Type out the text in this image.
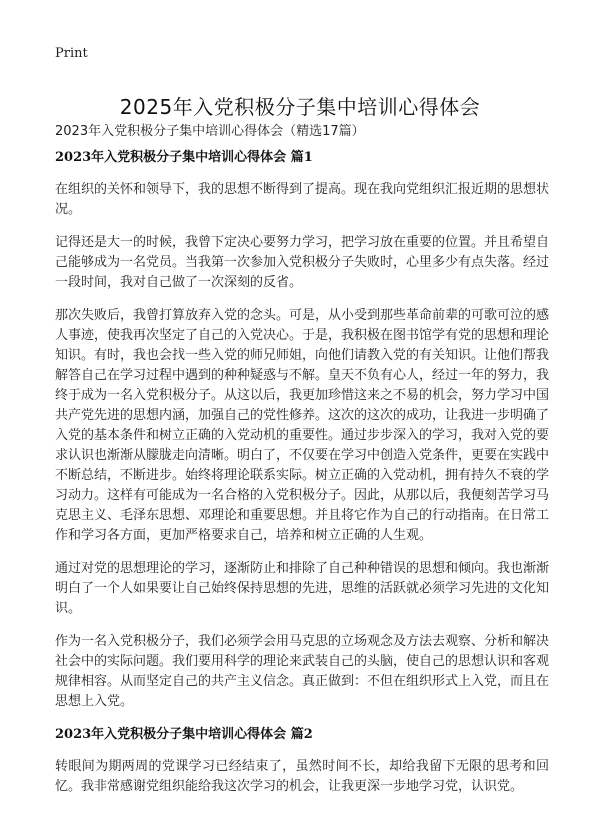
Print
2025年入党积极分子集中培训心得体会
2023年入党积极分子集中培训心得体会（精选17篇）
2023年入党积极分子集中培训心得体会 篇1

在组织的关怀和领导下，我的思想不断得到了提高。现在我向党组织汇报近期的思想状况。

记得还是大一的时候，我曾下定决心要努力学习，把学习放在重要的位置。并且希望自己能够成为一名党员。当我第一次参加入党积极分子失败时，心里多少有点失落。经过一段时间，我对自己做了一次深刻的反省。

那次失败后，我曾打算放弃入党的念头。可是，从小受到那些革命前辈的可歌可泣的感人事迹，使我再次坚定了自己的入党决心。于是，我积极在图书馆学有党的思想和理论知识。有时，我也会找一些入党的师兄师姐，向他们请教入党的有关知识。让他们帮我解答自己在学习过程中遇到的种种疑惑与不解。皇天不负有心人，经过一年的努力，我终于成为一名入党积极分子。从这以后，我更加珍惜这来之不易的机会，努力学习中国共产党先进的思想内涵，加强自己的党性修养。这次的这次的成功，让我进一步明确了入党的基本条件和树立正确的入党动机的重要性。通过步步深入的学习，我对入党的要求认识也渐渐从朦胧走向清晰。明白了，不仅要在学习中创造入党条件，更要在实践中不断总结，不断进步。始终将理论联系实际。树立正确的入党动机，拥有持久不衰的学习动力。这样有可能成为一名合格的入党积极分子。因此，从那以后，我便刻苦学习马克思主义、毛泽东思想、邓理论和重要思想。并且将它作为自己的行动指南。在日常工作和学习各方面，更加严格要求自己，培养和树立正确的人生观。

通过对党的思想理论的学习，逐渐防止和排除了自己种种错误的思想和倾向。我也渐渐明白了一个人如果要让自己始终保持思想的先进，思维的活跃就必须学习先进的文化知识。

作为一名入党积极分子，我们必须学会用马克思的立场观念及方法去观察、分析和解决社会中的实际问题。我们要用科学的理论来武装自己的头脑，使自己的思想认识和客观规律相容。从而坚定自己的共产主义信念。真正做到：不但在组织形式上入党，而且在思想上入党。

2023年入党积极分子集中培训心得体会 篇2

转眼间为期两周的党课学习已经结束了，虽然时间不长，却给我留下无限的思考和回忆。我非常感谢党组织能给我这次学习的机会，让我更深一步地学习党，认识党。
